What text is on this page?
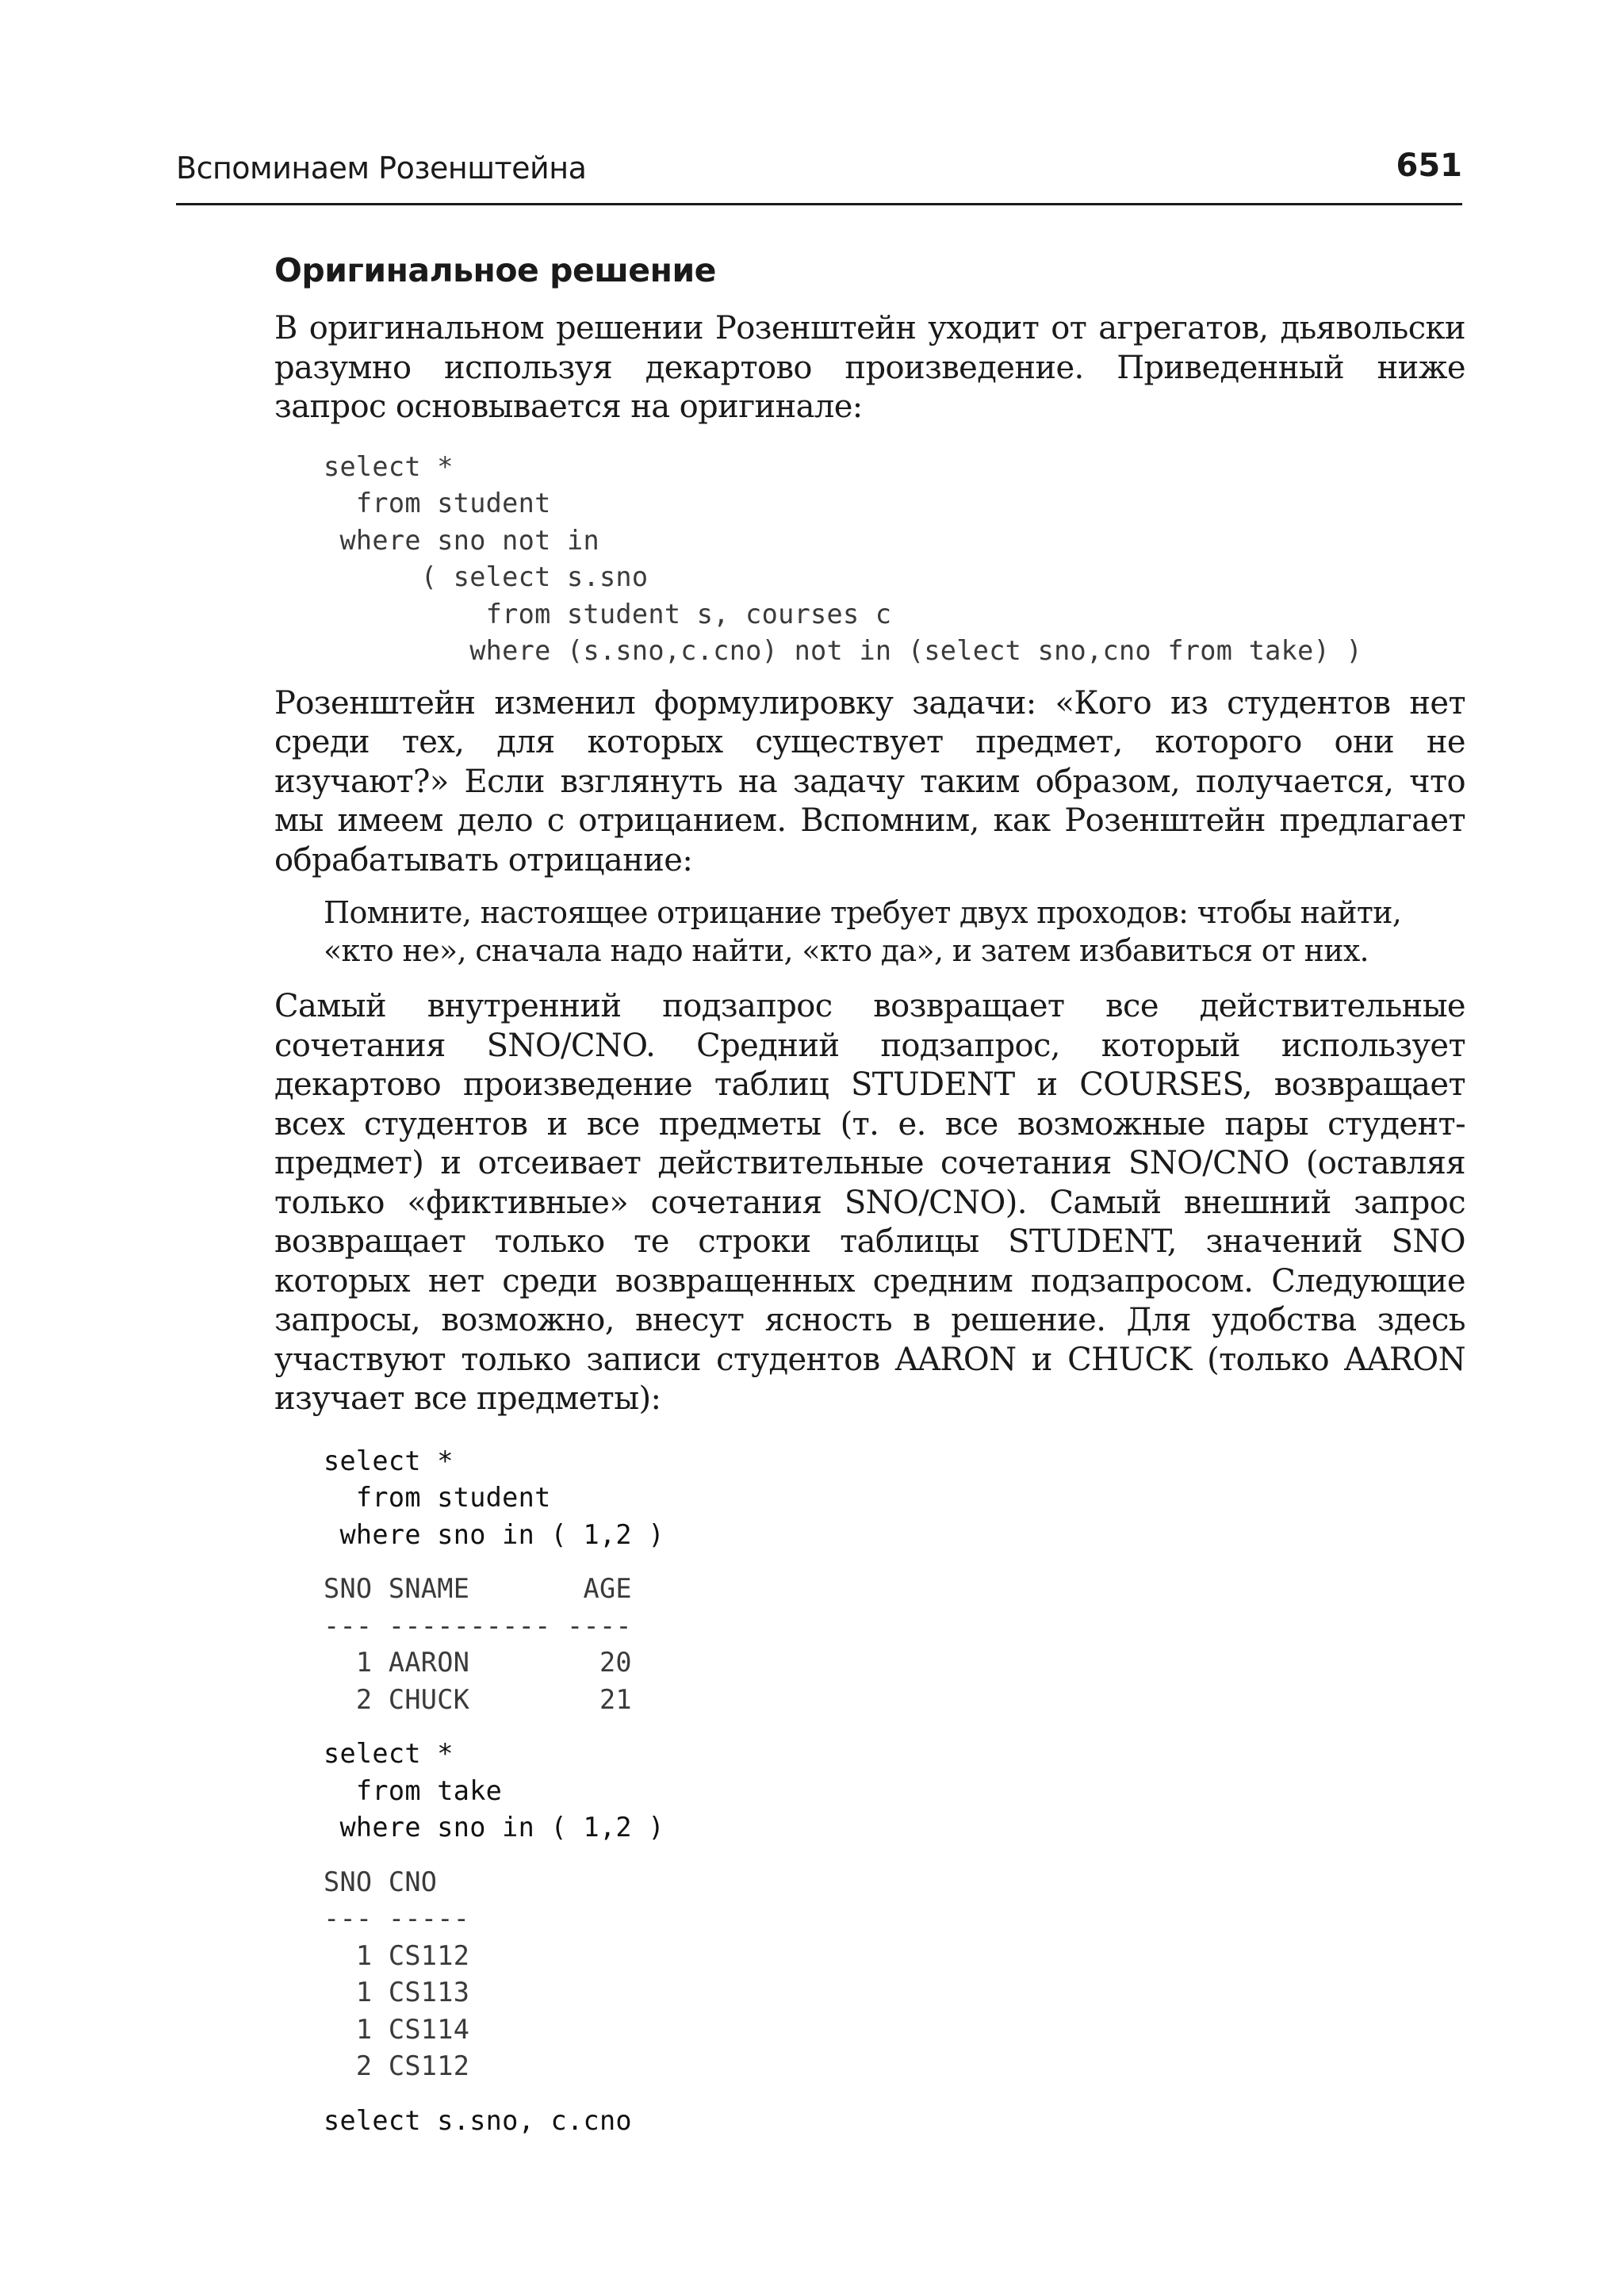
Вспоминаем Розенштейна	651
Оригинальное решение

В оригинальном решении Розенштейн уходит от агрегатов, дьявольски разумно используя декартово произведение. Приведенный ниже запрос основывается на оригинале:

select *
from student
where sno not in
( select s.sno
from student s, courses c
where (s.sno,c.cno) not in (select sno,cno from take) )

Розенштейн изменил формулировку задачи: «Кого из студентов нет среди тех, для которых существует предмет, которого они не изучают?» Если взглянуть на задачу таким образом, получается, что мы имеем дело с отрицанием. Вспомним, как Розенштейн предлагает обрабатывать отрицание:

Помните, настоящее отрицание требует двух проходов: чтобы найти,

«кто не», сначала надо найти, «кто да», и затем избавиться от них.

Самый внутренний подзапрос возвращает все действительные сочетания SNO/CNO. Средний подзапрос, который использует декартово произведение таблиц STUDENT и COURSES, возвращает всех студентов и все предметы (т. е. все возможные пары студент-предмет) и отсеивает действительные сочетания SNO/CNO (оставляя только «фиктивные» сочетания SNO/CNO). Самый внешний запрос возвращает только те строки таблицы STUDENT, значений SNO которых нет среди возвращенных средним подзапросом. Следующие запросы, возможно, внесут ясность в решение. Для удобства здесь участвуют только записи студентов AARON и CHUCK (только AARON изучает все предметы):

select *
from student
where sno in ( 1,2 )
SNO SNAME       AGE
--- ---------- ----
1 AARON        20
2 CHUCK        21
select *
from take
where sno in ( 1,2 )
SNO CNO
--- -----
1 CS112
1 CS113
1 CS114
2 CS112
select s.sno, c.cno
